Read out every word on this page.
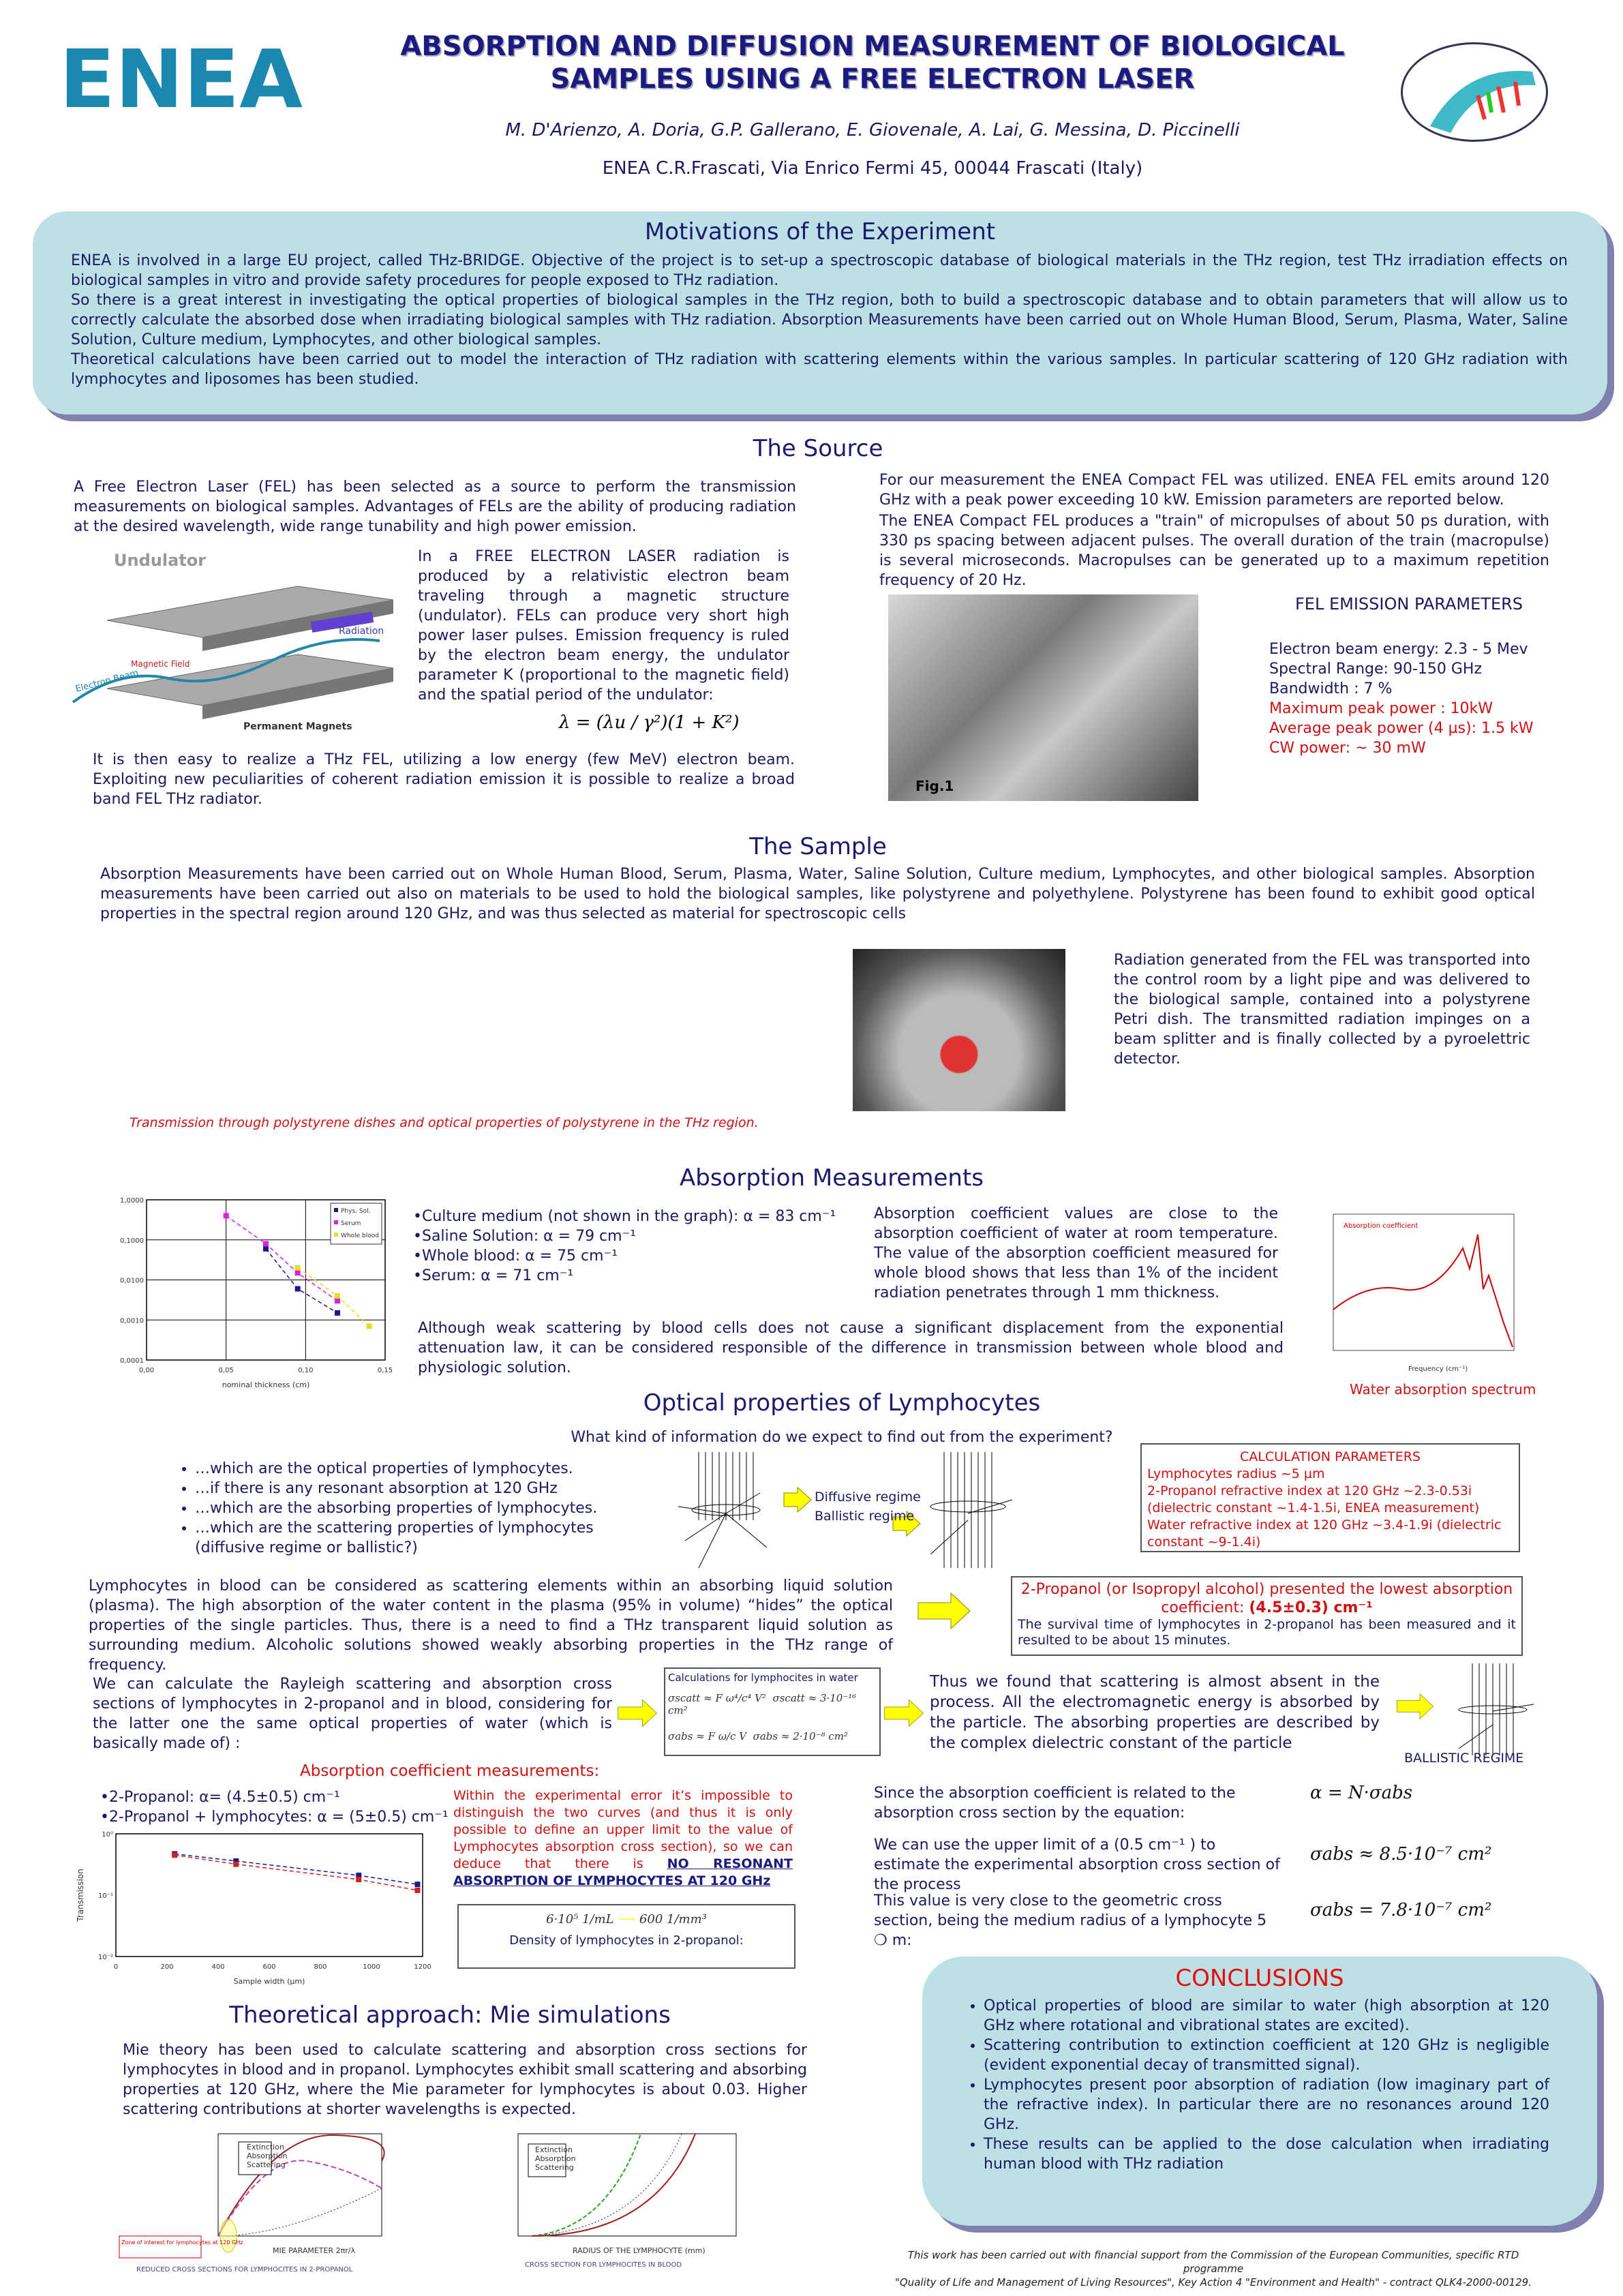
ENEA	ABSORPTION AND DIFFUSION MEASUREMENT OF BIOLOGICAL
SAMPLES USING A FREE ELECTRON LASER
M. D'Arienzo, A. Doria, G.P. Gallerano, E. Giovenale, A. Lai, G. Messina, D. Piccinelli
ENEA C.R.Frascati, Via Enrico Fermi 45, 00044 Frascati (Italy)
Motivations of the Experiment
ENEA is involved in a large EU project, called THz-BRIDGE. Objective of the project is to set-up a spectroscopic database of biological materials in the THz region, test THz irradiation effects on biological samples in vitro and provide safety procedures for people exposed to THz radiation.
So there is a great interest in investigating the optical properties of biological samples in the THz region, both to build a spectroscopic database and to obtain parameters that will allow us to correctly calculate the absorbed dose when irradiating biological samples with THz radiation. Absorption Measurements have been carried out on Whole Human Blood, Serum, Plasma, Water, Saline Solution, Culture medium, Lymphocytes, and other biological samples.
Theoretical calculations have been carried out to model the interaction of THz radiation with scattering elements within the various samples. In particular scattering of 120 GHz radiation with lymphocytes and liposomes has been studied.
The Source
A Free Electron Laser (FEL) has been selected as a source to perform the transmission measurements on biological samples. Advantages of FELs are the ability of producing radiation at the desired wavelength, wide range tunability and high power emission.
Undulator
Radiation
Magnetic Field
Electron Beam
Permanent Magnets
In a FREE ELECTRON LASER radiation is produced by a relativistic electron beam traveling through a magnetic structure (undulator). FELs can produce very short high power laser pulses. Emission frequency is ruled by the electron beam energy, the undulator parameter K (proportional to the magnetic field) and the spatial period of the undulator:
λ = (λu / γ²)(1 + K²)
It is then easy to realize a THz FEL, utilizing a low energy (few MeV) electron beam. Exploiting new peculiarities of coherent radiation emission it is possible to realize a broad band FEL THz radiator.
For our measurement the ENEA Compact FEL was utilized. ENEA FEL emits around 120 GHz with a peak power exceeding 10 kW. Emission parameters are reported below.
The ENEA Compact FEL produces a "train" of micropulses of about 50 ps duration, with 330 ps spacing between adjacent pulses. The overall duration of the train (macropulse) is several microseconds. Macropulses can be generated up to a maximum repetition frequency of 20 Hz.
Fig.1
FEL EMISSION PARAMETERS
Electron beam energy: 2.3 - 5 Mev
Spectral Range: 90-150 GHz
Bandwidth : 7 %
Maximum peak power : 10kW
Average peak power (4 µs): 1.5 kW
CW power: ~ 30 mW
The Sample
Absorption Measurements have been carried out on Whole Human Blood, Serum, Plasma, Water, Saline Solution, Culture medium, Lymphocytes, and other biological samples. Absorption measurements have been carried out also on materials to be used to hold the biological samples, like polystyrene and polyethylene. Polystyrene has been found to exhibit good optical properties in the spectral region around 120 GHz, and was thus selected as material for spectroscopic cells
Radiation generated from the FEL was transported into the control room by a light pipe and was delivered to the biological sample, contained into a polystyrene Petri dish. The transmitted radiation impinges on a beam splitter and is finally collected by a pyroelettric detector.
Transmission through polystyrene dishes and optical properties of polystyrene in the THz region.
Absorption Measurements
1,0000
0,1000
0,0100
0,0010
0,0001
0,00	0,05	0,10	0,15
nominal thickness (cm)
Phys. Sol.
Serum
Whole blood
•Culture medium (not shown in the graph): α = 83 cm⁻¹
•Saline Solution: α = 79 cm⁻¹
•Whole blood: α = 75 cm⁻¹
•Serum: α = 71 cm⁻¹
Absorption coefficient values are close to the absorption coefficient of water at room temperature. The value of the absorption coefficient measured for whole blood shows that less than 1% of the incident radiation penetrates through 1 mm thickness.
Although weak scattering by blood cells does not cause a significant displacement from the exponential attenuation law, it can be considered responsible of the difference in transmission between whole blood and physiologic solution.
Absorption coefficient
Frequency (cm⁻¹)
Water absorption spectrum
Optical properties of Lymphocytes
What kind of information do we expect to find out from the experiment?
• …which are the optical properties of lymphocytes.
• …if there is any resonant absorption at 120 GHz
• …which are the absorbing properties of lymphocytes.
• …which are the scattering properties of lymphocytes (diffusive regime or ballistic?)
Diffusive regime
Ballistic regime
CALCULATION PARAMETERS
Lymphocytes radius ~5 µm
2-Propanol refractive index at 120 GHz ~2.3-0.53i (dielectric constant ~1.4-1.5i, ENEA measurement)
Water refractive index at 120 GHz ~3.4-1.9i (dielectric constant ~9-1.4i)
Lymphocytes in blood can be considered as scattering elements within an absorbing liquid solution (plasma). The high absorption of the water content in the plasma (95% in volume) “hides” the optical properties of the single particles. Thus, there is a need to find a THz transparent liquid solution as surrounding medium. Alcoholic solutions showed weakly absorbing properties in the THz range of frequency.
2-Propanol (or Isopropyl alcohol) presented the lowest absorption coefficient: (4.5±0.3) cm⁻¹
The survival time of lymphocytes in 2-propanol has been measured and it resulted to be about 15 minutes.
We can calculate the Rayleigh scattering and absorption cross sections of lymphocytes in 2-propanol and in blood, considering for the latter one the same optical properties of water (which is basically made of) :
Calculations for lymphocites in water
σscatt ≈ F ω⁴/c⁴ V² σscatt ≈ 3·10⁻¹⁶ cm²
σabs ≈ F ω/c V σabs ≈ 2·10⁻⁸ cm²
Thus we found that scattering is almost absent in the process. All the electromagnetic energy is absorbed by the particle. The absorbing properties are described by the complex dielectric constant of the particle
BALLISTIC REGIME
Absorption coefficient measurements:
•2-Propanol: α= (4.5±0.5) cm⁻¹
•2-Propanol + lymphocytes: α = (5±0.5) cm⁻¹
10⁰
10⁻¹
10⁻²
0	200	400	600	800	1000	1200
Sample width (µm)
Transmission
Within the experimental error it’s impossible to distinguish the two curves (and thus it is only possible to define an upper limit to the value of Lymphocytes absorption cross section), so we can deduce that there is NO RESONANT ABSORPTION OF LYMPHOCYTES AT 120 GHz
6·10⁵ 1/mL ⟶ 600 1/mm³
Density of lymphocytes in 2-propanol:
Since the absorption coefficient is related to the absorption cross section by the equation:
α = N·σabs
We can use the upper limit of a (0.5 cm⁻¹ ) to estimate the experimental absorption cross section of the process
σabs ≈ 8.5·10⁻⁷ cm²
This value is very close to the geometric cross section, being the medium radius of a lymphocyte 5 ❍ m:
σabs = 7.8·10⁻⁷ cm²
Theoretical approach: Mie simulations
Mie theory has been used to calculate scattering and absorption cross sections for lymphocytes in blood and in propanol. Lymphocytes exhibit small scattering and absorbing properties at 120 GHz, where the Mie parameter for lymphocytes is about 0.03. Higher scattering contributions at shorter wavelengths is expected.
Extinction
Absorption
Scattering
Zone of interest for lymphocytes at 120 GHz
MIE PARAMETER 2πr/λ
REDUCED CROSS SECTIONS FOR LYMPHOCITES IN 2-PROPANOL
Extinction
Absorption
Scattering
RADIUS OF THE LYMPHOCYTE (mm)
CROSS SECTION FOR LYMPHOCITES IN BLOOD
CONCLUSIONS
• Optical properties of blood are similar to water (high absorption at 120 GHz where rotational and vibrational states are excited).
• Scattering contribution to extinction coefficient at 120 GHz is negligible (evident exponential decay of transmitted signal).
• Lymphocytes present poor absorption of radiation (low imaginary part of the refractive index). In particular there are no resonances around 120 GHz.
• These results can be applied to the dose calculation when irradiating human blood with THz radiation
This work has been carried out with financial support from the Commission of the European Communities, specific RTD programme
"Quality of Life and Management of Living Resources", Key Action 4 "Environment and Health" - contract QLK4-2000-00129.
